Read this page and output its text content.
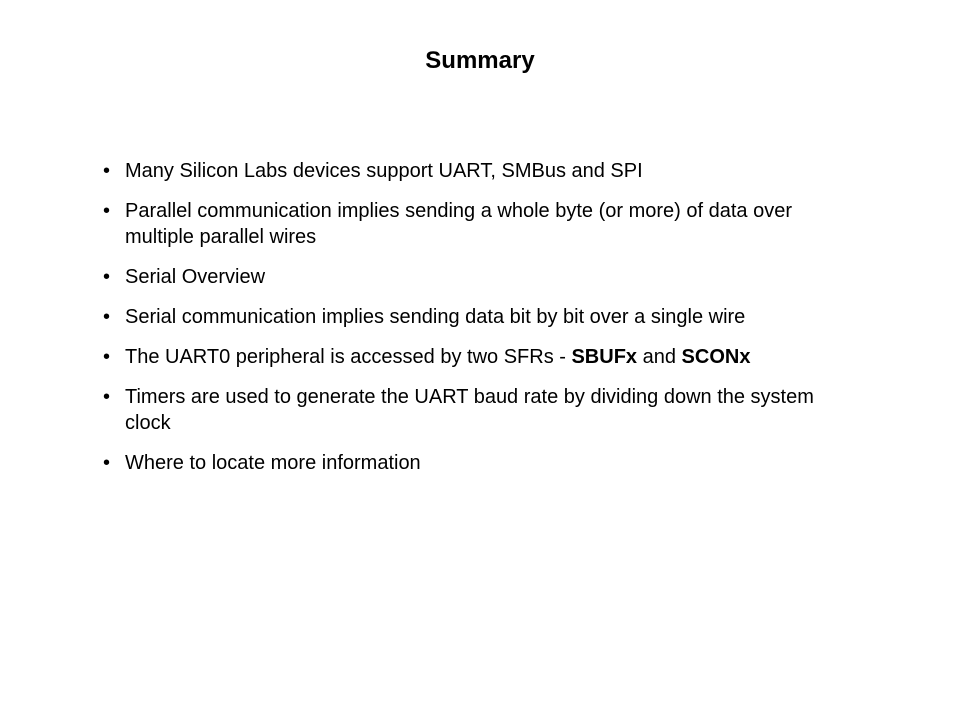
Summary
• Many Silicon Labs devices support UART, SMBus and SPI
• Parallel communication implies sending a whole byte (or more) of data over multiple parallel wires
• Serial Overview
• Serial communication implies sending data bit by bit over a single wire
• The UART0 peripheral is accessed by two SFRs - SBUFx and SCONx
• Timers are used to generate the UART baud rate by dividing down the system clock
• Where to locate more information
